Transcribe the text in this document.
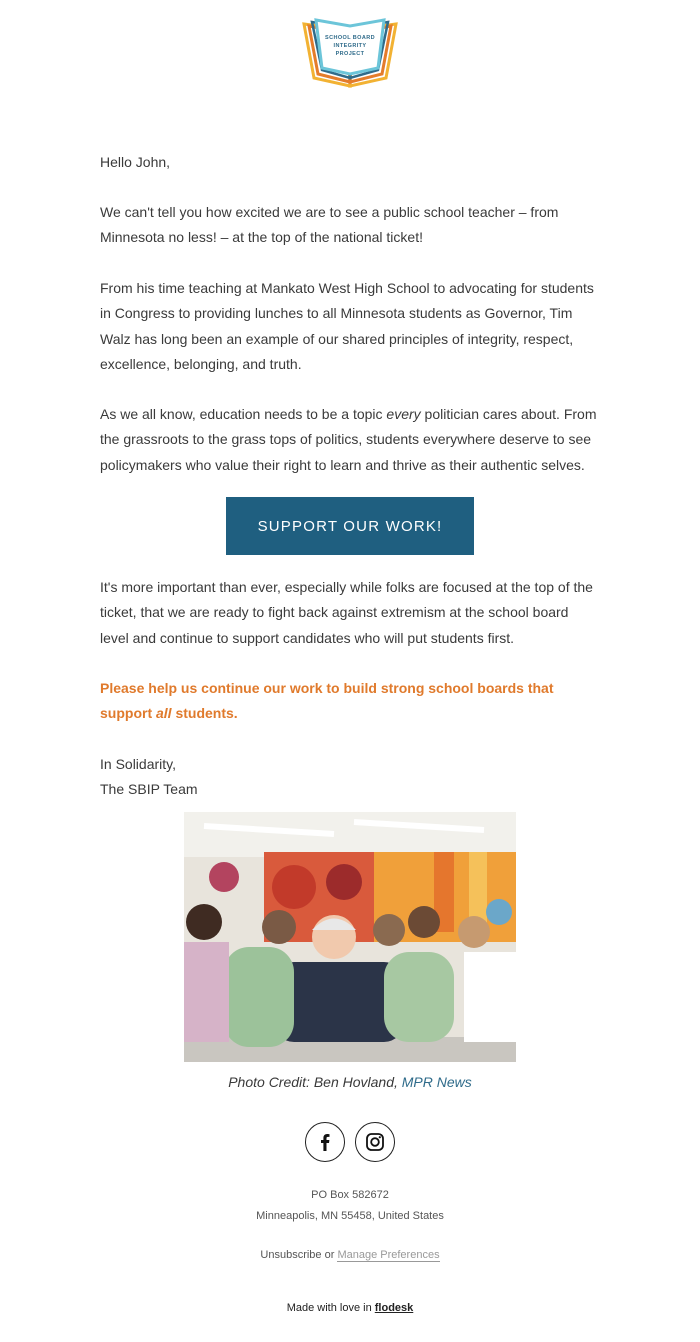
SCHOOL BOARD
INTEGRITY
PROJECT

Hello John,

We can't tell you how excited we are to see a public school teacher – from Minnesota no less! – at the top of the national ticket!

From his time teaching at Mankato West High School to advocating for students in Congress to providing lunches to all Minnesota students as Governor, Tim Walz has long been an example of our shared principles of integrity, respect, excellence, belonging, and truth.

As we all know, education needs to be a topic every politician cares about. From the grassroots to the grass tops of politics, students everywhere deserve to see policymakers who value their right to learn and thrive as their authentic selves.

SUPPORT OUR WORK!

It's more important than ever, especially while folks are focused at the top of the ticket, that we are ready to fight back against extremism at the school board level and continue to support candidates who will put students first.

Please help us continue our work to build strong school boards that support all students.

In Solidarity,

The SBIP Team

Photo Credit: Ben Hovland, MPR News
PO Box 582672
Minneapolis, MN 55458, United States
Unsubscribe or Manage Preferences
Made with love in flodesk
